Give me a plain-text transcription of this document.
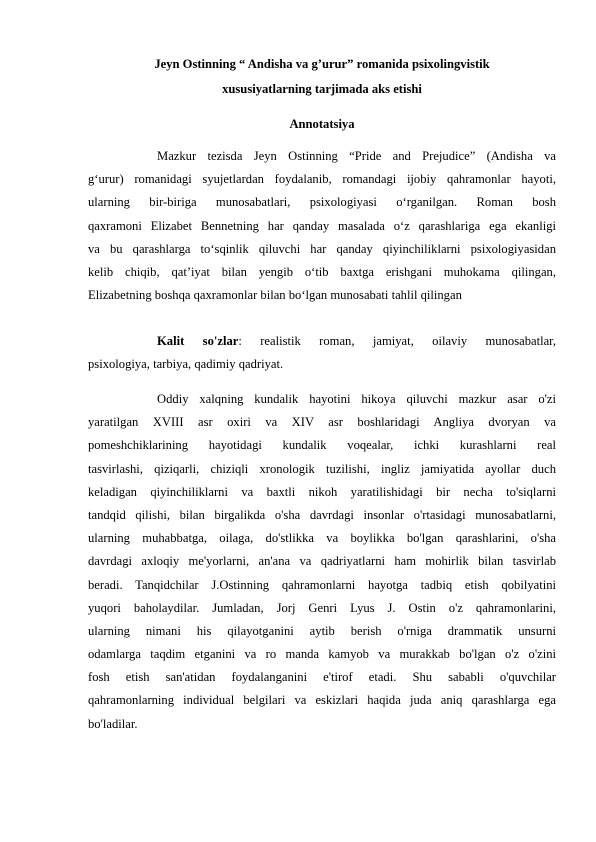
Jeyn Ostinning “ Andisha va g’urur” romanida psixolingvistik
xususiyatlarning tarjimada aks etishi
Annotatsiya
Mazkur tezisda Jeyn Ostinning “Pride and Prejudice” (Andisha va
g‘urur) romanidagi syujetlardan foydalanib, romandagi ijobiy qahramonlar hayoti,
ularning bir-biriga munosabatlari, psixologiyasi o‘rganilgan. Roman bosh
qaxramoni Elizabet Bennetning har qanday masalada o‘z qarashlariga ega ekanligi
va bu qarashlarga to‘sqinlik qiluvchi har qanday qiyinchiliklarni psixologiyasidan
kelib chiqib, qat’iyat bilan yengib o‘tib baxtga erishgani muhokama qilingan,
Elizabetning boshqa qaxramonlar bilan bo‘lgan munosabati tahlil qilingan
Kalit so'zlar: realistik roman, jamiyat, oilaviy munosabatlar,
psixologiya, tarbiya, qadimiy qadriyat.
Oddiy xalqning kundalik hayotini hikoya qiluvchi mazkur asar o'zi
yaratilgan XVIII asr oxiri va XIV asr boshlaridagi Angliya dvoryan va
pomeshchiklarining hayotidagi kundalik voqealar, ichki kurashlarni real
tasvirlashi, qiziqarli, chiziqli xronologik tuzilishi, ingliz jamiyatida ayollar duch
keladigan qiyinchiliklarni va baxtli nikoh yaratilishidagi bir necha to'siqlarni
tandqid qilishi, bilan birgalikda o'sha davrdagi insonlar o'rtasidagi munosabatlarni,
ularning muhabbatga, oilaga, do'stlikka va boylikka bo'lgan qarashlarini, o'sha
davrdagi axloqiy me'yorlarni, an'ana va qadriyatlarni ham mohirlik bilan tasvirlab
beradi. Tanqidchilar J.Ostinning qahramonlarni hayotga tadbiq etish qobilyatini
yuqori baholaydilar. Jumladan, Jorj Genri Lyus J. Ostin o'z qahramonlarini,
ularning nimani his qilayotganini aytib berish o'rniga drammatik unsurni
odamlarga taqdim etganini va ro manda kamyob va murakkab bo'lgan o'z o'zini
fosh etish san'atidan foydalanganini e'tirof etadi. Shu sababli o'quvchilar
qahramonlarning individual belgilari va eskizlari haqida juda aniq qarashlarga ega
bo'ladilar.
